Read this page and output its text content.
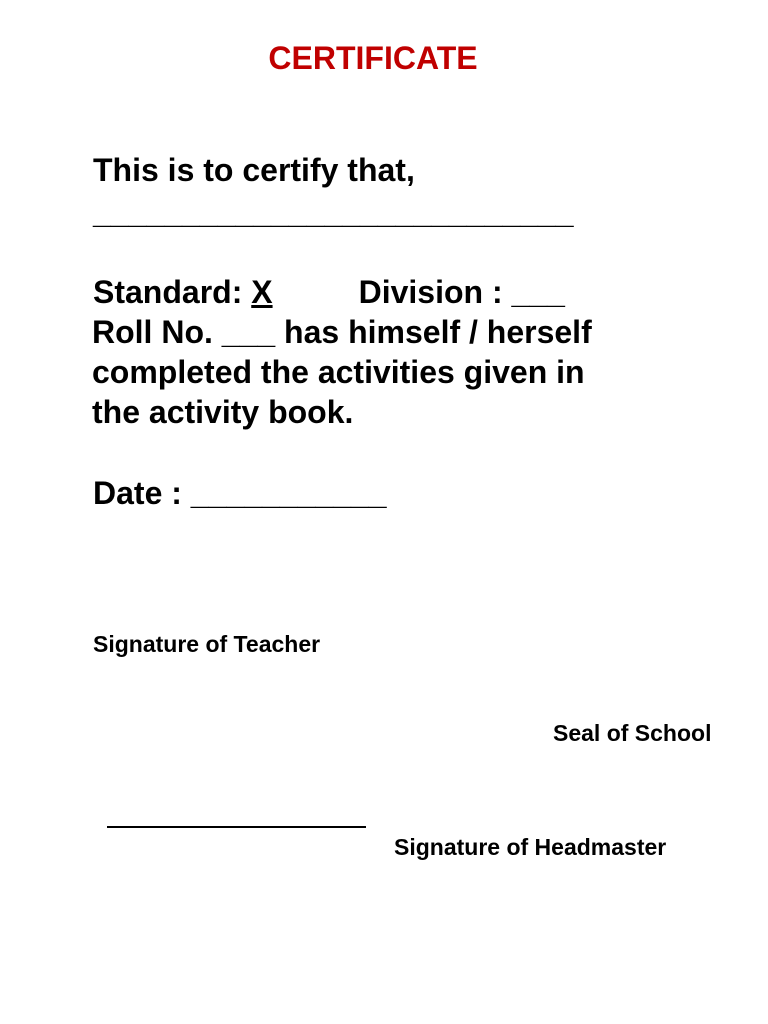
CERTIFICATE
This is to certify that,
___________________________
Standard: X	Division : ___
Roll No. ___ has himself / herself
completed the activities given in
the activity book.
Date : ___________
Signature of Teacher
Seal of School
Signature of Headmaster
